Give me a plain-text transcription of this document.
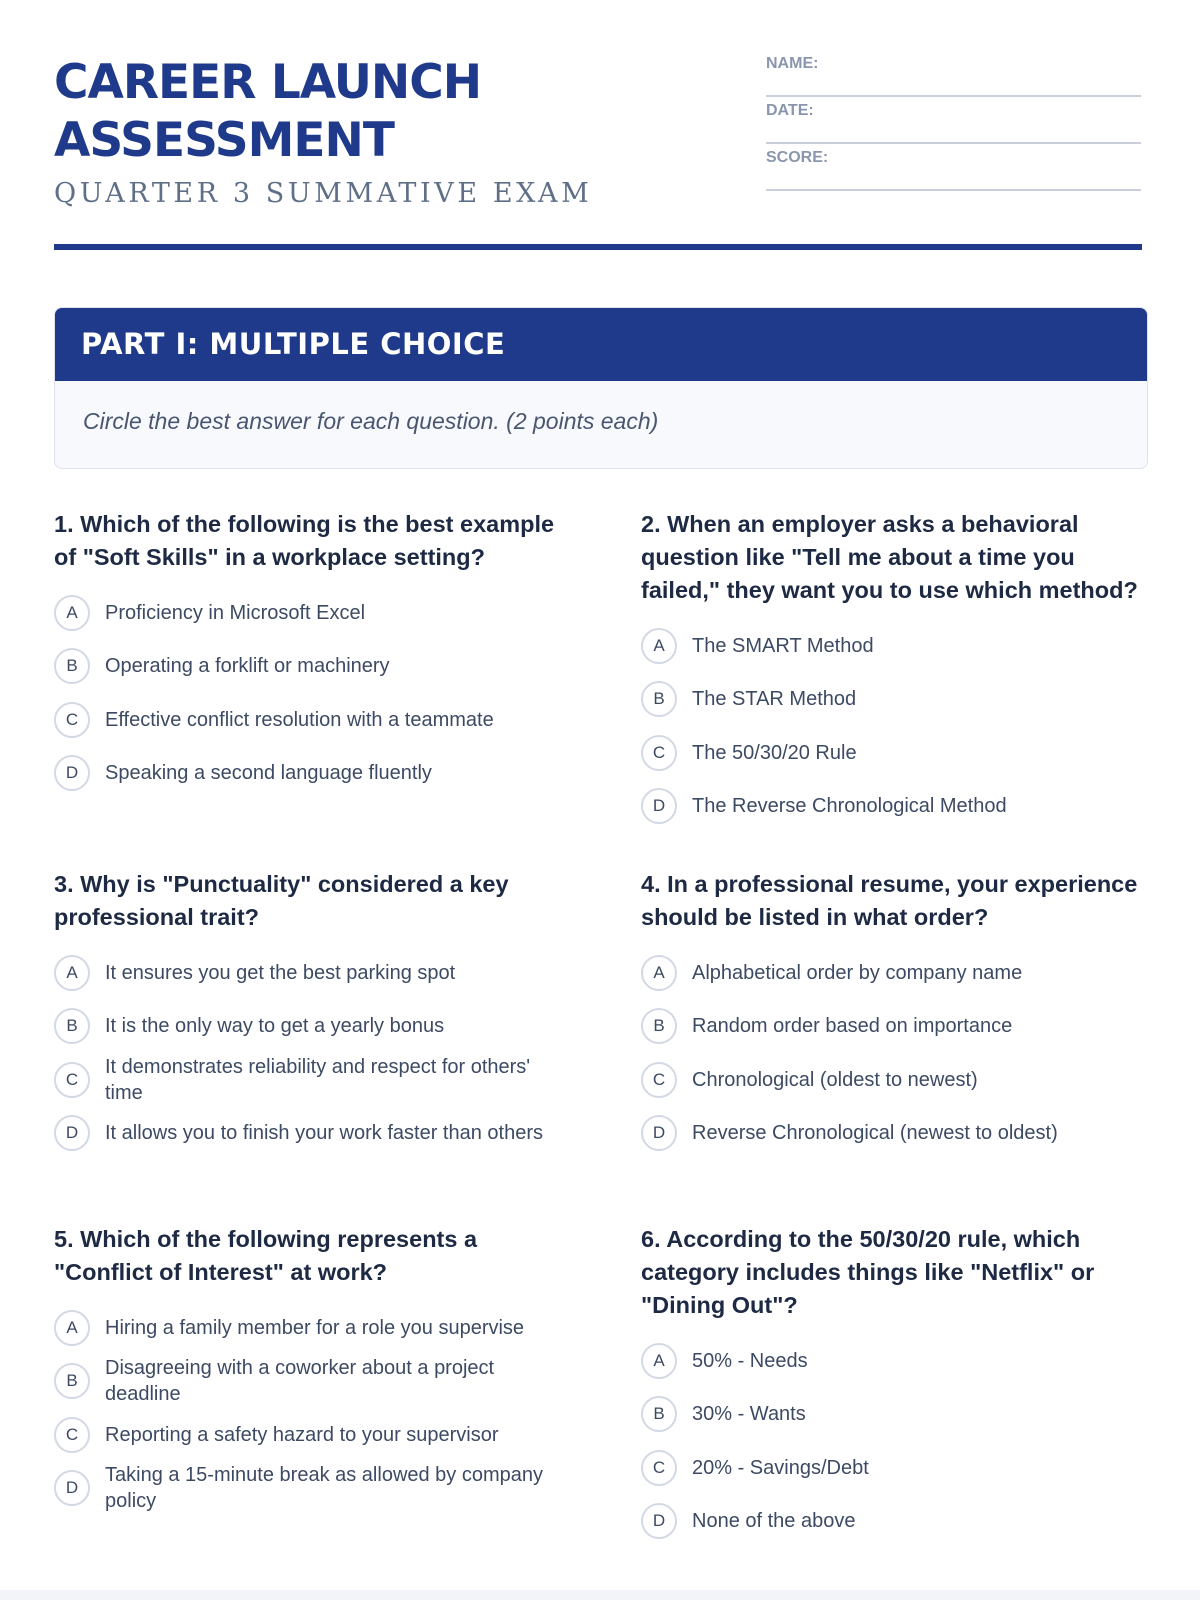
CAREER LAUNCH
ASSESSMENT
QUARTER 3 SUMMATIVE EXAM
NAME:
DATE:
SCORE:
PART I: MULTIPLE CHOICE
Circle the best answer for each question. (2 points each)

1. Which of the following is the best example of "Soft Skills" in a workplace setting?

A	Proficiency in Microsoft Excel
B	Operating a forklift or machinery
C	Effective conflict resolution with a teammate
D	Speaking a second language fluently

2. When an employer asks a behavioral question like "Tell me about a time you failed," they want you to use which method?

A	The SMART Method
B	The STAR Method
C	The 50/30/20 Rule
D	The Reverse Chronological Method

3. Why is "Punctuality" considered a key professional trait?

A	It ensures you get the best parking spot
B	It is the only way to get a yearly bonus
C
It demonstrates reliability and respect for others' time
D	It allows you to finish your work faster than others

4. In a professional resume, your experience should be listed in what order?

A	Alphabetical order by company name
B	Random order based on importance
C	Chronological (oldest to newest)
D	Reverse Chronological (newest to oldest)

5. Which of the following represents a "Conflict of Interest" at work?

A	Hiring a family member for a role you supervise
B
Disagreeing with a coworker about a project deadline
C	Reporting a safety hazard to your supervisor
D
Taking a 15-minute break as allowed by company policy

6. According to the 50/30/20 rule, which category includes things like "Netflix" or "Dining Out"?

A	50% - Needs
B	30% - Wants
C	20% - Savings/Debt
D	None of the above
